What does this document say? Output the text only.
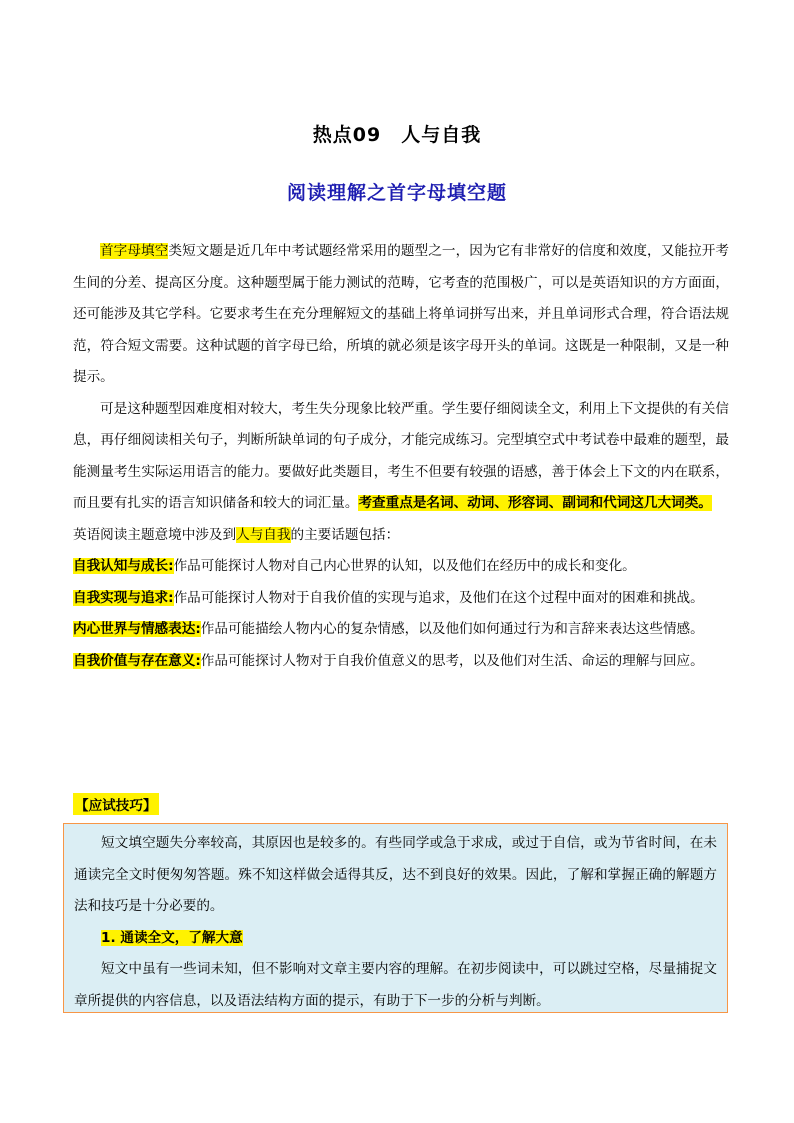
热点09　人与自我
阅读理解之首字母填空题

首字母填空类短文题是近几年中考试题经常采用的题型之一，因为它有非常好的信度和效度，又能拉开考生间的分差、提高区分度。这种题型属于能力测试的范畴，它考查的范围极广，可以是英语知识的方方面面，还可能涉及其它学科。它要求考生在充分理解短文的基础上将单词拼写出来，并且单词形式合理，符合语法规范，符合短文需要。这种试题的首字母已给，所填的就必须是该字母开头的单词。这既是一种限制，又是一种提示。

可是这种题型因难度相对较大，考生失分现象比较严重。学生要仔细阅读全文，利用上下文提供的有关信息，再仔细阅读相关句子，判断所缺单词的句子成分，才能完成练习。完型填空式中考试卷中最难的题型，最能测量考生实际运用语言的能力。要做好此类题目，考生不但要有较强的语感，善于体会上下文的内在联系，而且要有扎实的语言知识储备和较大的词汇量。考查重点是名词、动词、形容词、副词和代词这几大词类。

英语阅读主题意境中涉及到人与自我的主要话题包括：

自我认知与成长:作品可能探讨人物对自己内心世界的认知，以及他们在经历中的成长和变化。

自我实现与追求:作品可能探讨人物对于自我价值的实现与追求，及他们在这个过程中面对的困难和挑战。

内心世界与情感表达:作品可能描绘人物内心的复杂情感，以及他们如何通过行为和言辞来表达这些情感。

自我价值与存在意义:作品可能探讨人物对于自我价值意义的思考，以及他们对生活、命运的理解与回应。

【应试技巧】

短文填空题失分率较高，其原因也是较多的。有些同学或急于求成，或过于自信，或为节省时间，在未通读完全文时便匆匆答题。殊不知这样做会适得其反，达不到良好的效果。因此，了解和掌握正确的解题方法和技巧是十分必要的。

1. 通读全文，了解大意

短文中虽有一些词未知，但不影响对文章主要内容的理解。在初步阅读中，可以跳过空格，尽量捕捉文章所提供的内容信息，以及语法结构方面的提示，有助于下一步的分析与判断。
